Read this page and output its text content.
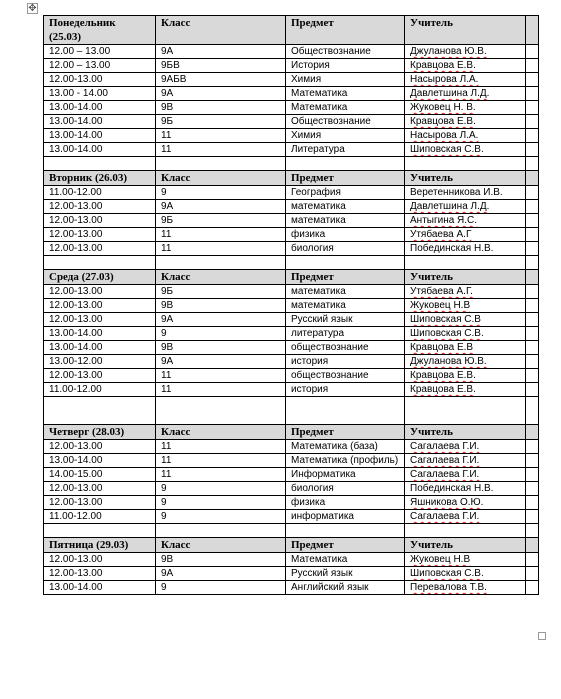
✥
Понедельник (25.03)	Класс	Предмет	Учитель	
12.00 – 13.00	9А	Обществознание	Джуланова Ю.В.	
12.00 – 13.00	9БВ	История	Кравцова Е.В.	
12.00-13.00	9АБВ	Химия	Насырова Л.А.	
13.00 - 14.00	9А	Математика	Давлетшина Л.Д.	
13.00-14.00	9В	Математика	Жуковец Н. В.	
13.00-14.00	9Б	Обществознание	Кравцова Е.В.	
13.00-14.00	11	Химия	Насырова Л.А.	
13.00-14.00	11	Литература	Шиповская С.В.	

Вторник (26.03)	Класс	Предмет	Учитель	
11.00-12.00	9	География	Веретенникова И.В.	
12.00-13.00	9А	математика	Давлетшина Л.Д.	
12.00-13.00	9Б	математика	Антыгина Я.С.	
12.00-13.00	11	физика	Утябаева А.Г	
12.00-13.00	11	биология	Побединская Н.В.	

Среда (27.03)	Класс	Предмет	Учитель	
12.00-13.00	9Б	математика	Утябаева А.Г.	
12.00-13.00	9В	математика	Жуковец Н.В	
12.00-13.00	9А	Русский язык	Шиповская С.В	
13.00-14.00	9	литература	Шиповская С.В.	
13.00-14.00	9В	обществознание	Кравцова Е.В	
13.00-12.00	9А	история	Джуланова Ю.В.	
12.00-13.00	11	обществознание	Кравцова Е.В.	
11.00-12.00	11	история	Кравцова Е.В.	

Четверг (28.03)	Класс	Предмет	Учитель	
12.00-13.00	11	Математика (база)	Сагалаева Г.И.	
13.00-14.00	11	Математика (профиль)	Сагалаева Г.И.	
14.00-15.00	11	Информатика	Сагалаева Г.И.	
12.00-13.00	9	биология	Побединская Н.В.	
12.00-13.00	9	физика	Яшникова О.Ю.	
11.00-12.00	9	информатика	Сагалаева Г.И.	

Пятница (29.03)	Класс	Предмет	Учитель	
12.00-13.00	9В	Математика	Жуковец Н.В	
12.00-13.00	9А	Русский язык	Шиповская С.В.	
13.00-14.00	9	Английский язык	Перевалова Т.В.	
